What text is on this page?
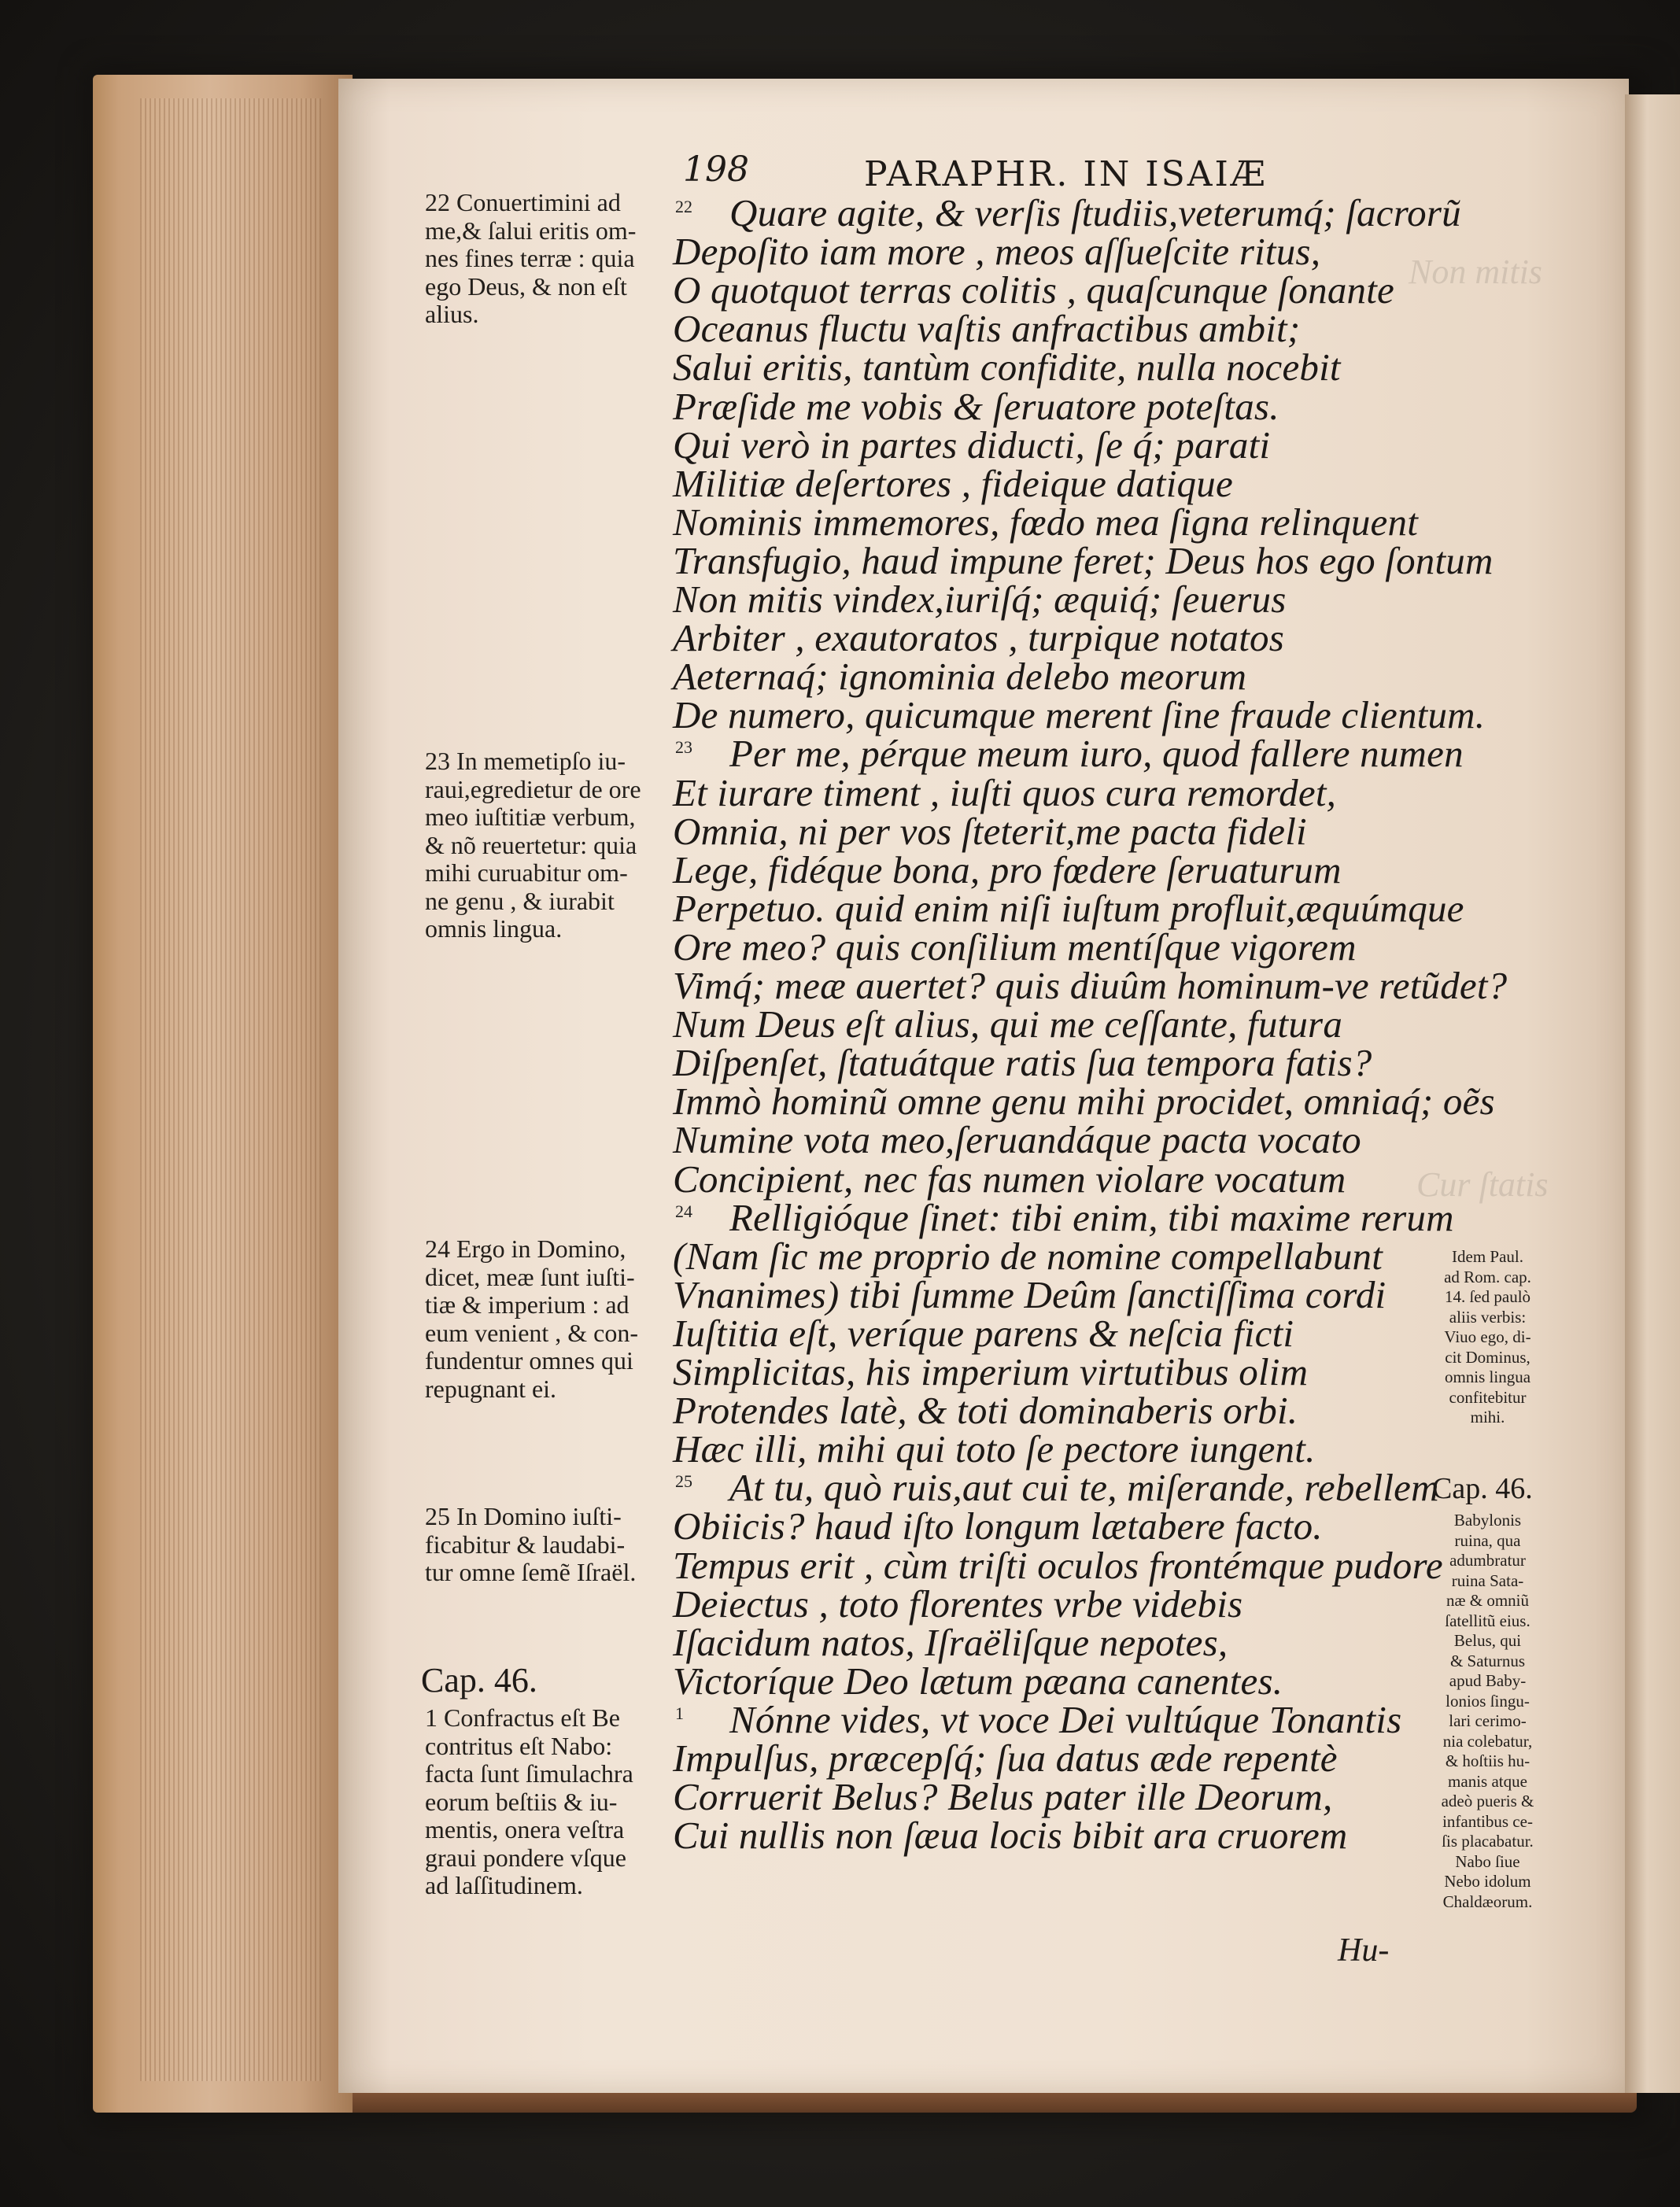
Non mitis
Cur ſtatis
198	PARAPHR. IN ISAIÆ
Quare agite, & verſis ſtudiis,veterumq́; ſacrorũ
22
Depoſito iam more , meos aſſueſcite ritus,
O quotquot terras colitis , quaſcunque ſonante
Oceanus fluctu vaſtis anfractibus ambit;
Salui eritis, tantùm confidite, nulla nocebit
Præſide me vobis & ſeruatore poteſtas.
Qui verò in partes diducti, ſe q́; parati
Militiæ deſertores , fideique datique
Nominis immemores, fœdo mea ſigna relinquent
Transfugio, haud impune feret; Deus hos ego ſontum
Non mitis vindex,iuriſq́; æquiq́; ſeuerus
Arbiter , exautoratos , turpique notatos
Aeternaq́; ignominia delebo meorum
De numero, quicumque merent ſine fraude clientum.
Per me, pérque meum iuro, quod fallere numen
23
Et iurare timent , iuſti quos cura remordet,
Omnia, ni per vos ſteterit,me pacta fideli
Lege, fidéque bona, pro fœdere ſeruaturum
Perpetuo. quid enim niſi iuſtum profluit,æquúmque
Ore meo? quis conſilium mentíſque vigorem
Vimq́; meæ auertet? quis diuûm hominum-ve retũdet?
Num Deus eſt alius, qui me ceſſante, futura
Diſpenſet, ſtatuátque ratis ſua tempora fatis?
Immò hominũ omne genu mihi procidet, omniaq́; oẽs
Numine vota meo,ſeruandáque pacta vocato
Concipient, nec fas numen violare vocatum
Relligióque ſinet: tibi enim, tibi maxime rerum
24
(Nam ſic me proprio de nomine compellabunt
Vnanimes) tibi ſumme Deûm ſanctiſſima cordi
Iuſtitia eſt, veríque parens & neſcia ficti
Simplicitas, his imperium virtutibus olim
Protendes latè, & toti dominaberis orbi.
Hæc illi, mihi qui toto ſe pectore iungent.
At tu, quò ruis,aut cui te, miſerande, rebellem
25
Obiicis? haud iſto longum lætabere facto.
Tempus erit , cùm triſti oculos frontémque pudore
Deiectus , toto florentes vrbe videbis
Iſacidum natos, Iſraëliſque nepotes,
Victoríque Deo lætum pæana canentes.
Nónne vides, vt voce Dei vultúque Tonantis
1
Impulſus, præcepſq́; ſua datus æde repentè
Corruerit Belus? Belus pater ille Deorum,
Cui nullis non ſæua locis bibit ara cruorem
22 Conuertimini ad
me,& ſalui eritis om-
nes fines terræ : quia
ego Deus, & non eſt
alius.
23 In memetipſo iu-
raui,egredietur de ore
meo iuſtitiæ verbum,
& nõ reuertetur: quia
mihi curuabitur om-
ne genu , & iurabit
omnis lingua.
24 Ergo in Domino,
dicet, meæ ſunt iuſti-
tiæ & imperium : ad
eum venient , & con-
fundentur omnes qui
repugnant ei.
25 In Domino iuſti-
ficabitur & laudabi-
tur omne ſemẽ Iſraël.
Cap. 46.
1 Confractus eſt Be
contritus eſt Nabo:
facta ſunt ſimulachra
eorum beſtiis & iu-
mentis, onera veſtra
graui pondere vſque
ad laſſitudinem.
Idem Paul.
ad Rom. cap.
14. ſed paulò
aliis verbis:
Viuo ego, di-
cit Dominus,
omnis lingua
confitebitur
mihi.
Cap. 46.
Babylonis
ruina, qua
adumbratur
ruina Sata-
næ & omniũ
ſatellitũ eius.
Belus, qui
& Saturnus
apud Baby-
lonios ſingu-
lari cerimo-
nia colebatur,
& hoſtiis hu-
manis atque
adeò pueris &
infantibus ce-
ſis placabatur.
Nabo ſiue
Nebo idolum
Chaldæorum.
Hu-
